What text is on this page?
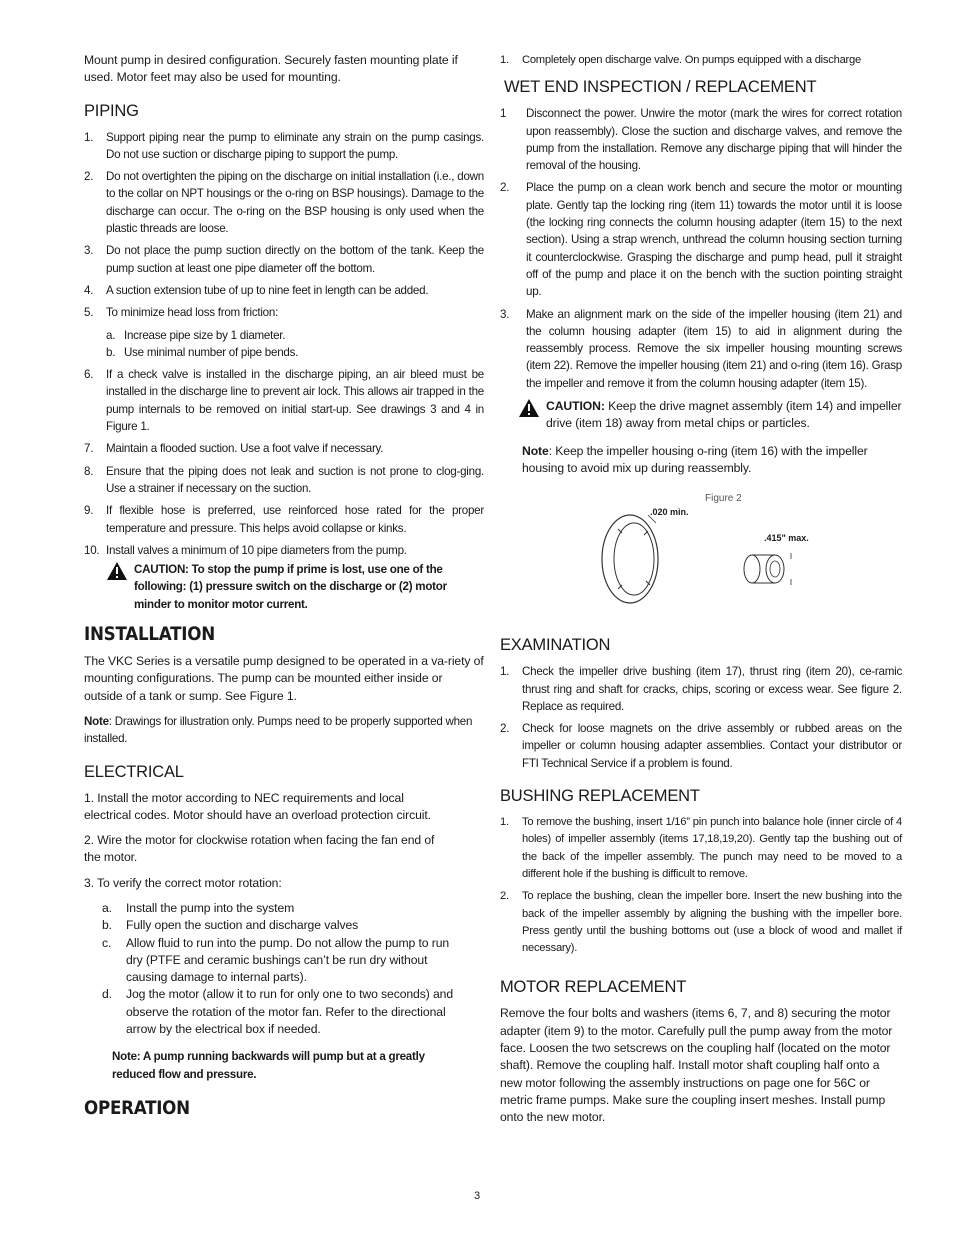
Mount pump in desired configuration. Securely fasten mounting plate if used. Motor feet may also be used for mounting.

PIPING
1.	Support piping near the pump to eliminate any strain on the pump casings. Do not use suction or discharge piping to support the pump.
2.	Do not overtighten the piping on the discharge on initial installation (i.e., down to the collar on NPT housings or the o-ring on BSP housings). Damage to the discharge can occur. The o-ring on the BSP housing is only used when the plastic threads are loose.
3.	Do not place the pump suction directly on the bottom of the tank. Keep the pump suction at least one pipe diameter off the bottom.
4.	A suction extension tube of up to nine feet in length can be added.
5.	To minimize head loss from friction:
a. Increase pipe size by 1 diameter.
b. Use minimal number of pipe bends.
6.	If a check valve is installed in the discharge piping, an air bleed must be installed in the discharge line to prevent air lock. This allows air trapped in the pump internals to be removed on initial start-up. See drawings 3 and 4 in Figure 1.
7.	Maintain a flooded suction. Use a foot valve if necessary.
8.	Ensure that the piping does not leak and suction is not prone to clog-ging. Use a strainer if necessary on the suction.
9.	If flexible hose is preferred, use reinforced hose rated for the proper temperature and pressure. This helps avoid collapse or kinks.
10. Install valves a minimum of 10 pipe diameters from the pump.
CAUTION: To stop the pump if prime is lost, use one of the following: (1) pressure switch on the discharge or (2) motor minder to monitor motor current.
INSTALLATION

The VKC Series is a versatile pump designed to be operated in a va-riety of mounting configurations. The pump can be mounted either inside or outside of a tank or sump. See Figure 1.

Note: Drawings for illustration only. Pumps need to be properly supported when installed.

ELECTRICAL

1. Install the motor according to NEC requirements and local electrical codes. Motor should have an overload protection circuit.

2. Wire the motor for clockwise rotation when facing the fan end of the motor.

3. To verify the correct motor rotation:

a.	Install the pump into the system
b.	Fully open the suction and discharge valves
c.	Allow fluid to run into the pump. Do not allow the pump to run dry (PTFE and ceramic bushings can’t be run dry without causing damage to internal parts).
d.	Jog the motor (allow it to run for only one to two seconds) and observe the rotation of the motor fan. Refer to the directional arrow by the electrical box if needed.

Note: A pump running backwards will pump but at a greatly reduced flow and pressure.

OPERATION
1.	Completely open discharge valve. On pumps equipped with a discharge
WET END INSPECTION / REPLACEMENT
1	Disconnect the power. Unwire the motor (mark the wires for correct rotation upon reassembly). Close the suction and discharge valves, and remove the pump from the installation. Remove any discharge piping that will hinder the removal of the housing.
2.	Place the pump on a clean work bench and secure the motor or mounting plate. Gently tap the locking ring (item 11) towards the motor until it is loose (the locking ring connects the column housing adapter (item 15) to the next section). Using a strap wrench, unthread the column housing section turning it counterclockwise. Grasping the discharge and pump head, pull it straight off of the pump and place it on the bench with the suction pointing straight up.
3.	Make an alignment mark on the side of the impeller housing (item 21) and the column housing adapter (item 15) to aid in alignment during the reassembly process. Remove the six impeller housing mounting screws (item 22). Remove the impeller housing (item 21) and o-ring (item 16). Grasp the impeller and remove it from the column housing adapter (item 15).
CAUTION: Keep the drive magnet assembly (item 14) and impeller drive (item 18) away from metal chips or particles.

Note: Keep the impeller housing o-ring (item 16) with the impeller housing to avoid mix up during reassembly.

Figure 2
.020 min.
.415" max.
EXAMINATION
1.	Check the impeller drive bushing (item 17), thrust ring (item 20), ce-ramic thrust ring and shaft for cracks, chips, scoring or excess wear. See figure 2. Replace as required.
2.	Check for loose magnets on the drive assembly or rubbed areas on the impeller or column housing adapter assemblies. Contact your distributor or FTI Technical Service if a problem is found.
BUSHING REPLACEMENT
1.	To remove the bushing, insert 1/16” pin punch into balance hole (inner circle of 4 holes) of impeller assembly (items 17,18,19,20). Gently tap the bushing out of the back of the impeller assembly. The punch may need to be moved to a different hole if the bushing is difficult to remove.
2.	To replace the bushing, clean the impeller bore. Insert the new bushing into the back of the impeller assembly by aligning the bushing with the impeller bore. Press gently until the bushing bottoms out (use a block of wood and mallet if necessary).
MOTOR REPLACEMENT

Remove the four bolts and washers (items 6, 7, and 8) securing the motor adapter (item 9) to the motor. Carefully pull the pump away from the motor face. Loosen the two setscrews on the coupling half (located on the motor shaft). Remove the coupling half. Install motor shaft coupling half onto a new motor following the assembly instructions on page one for 56C or metric frame pumps. Make sure the coupling insert meshes. Install pump onto the new motor.

3
